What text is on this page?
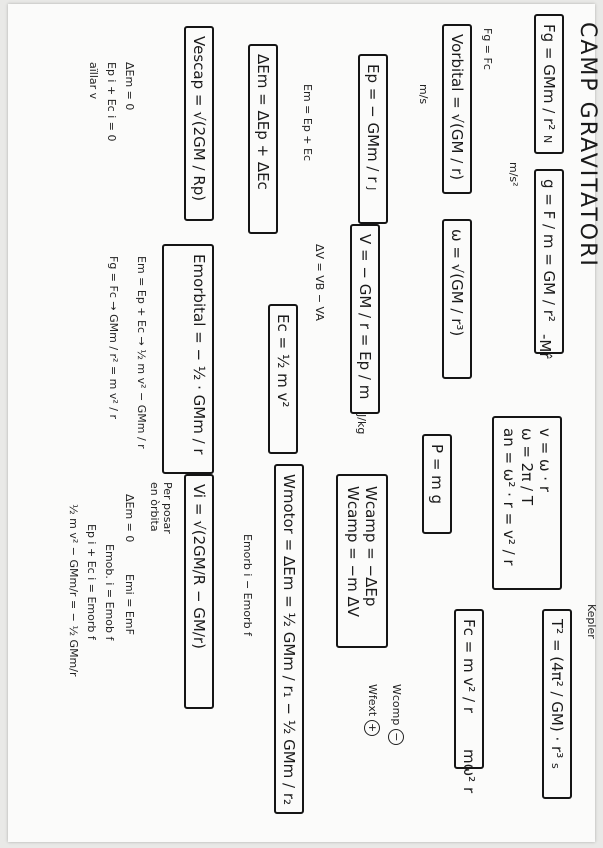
CAMP GRAVITATORI
Fg = GMm / r² N
g = F / m = GM / r²
m/s²
-Mr̂
P = m g	v = ω · r
ω = 2π / T
an = ω² · r = v² / r
Kepler
T² = (4π² / GM) · r³ s
Fc = m v² / r
mω² r
Fg = Fc
Vorbital = √(GM / r)
m/s
ω = √(GM / r³)
Ep = − GMm / r J
V = − GM / r = Ep / m
J/kg
ΔV = VB − VA
Ec = ½ m v²
Wcamp = −ΔEp
Wcamp = −m ΔV
Wcomp −
Wfext +
Em = Ep + Ec
ΔEm = ΔEp + ΔEc
Emorbital = − ½ · GMm / r
Em = Ep + Ec → ½ m v² − GMm / r
Fg = Fc → GMm / r² = m v² / r
Wmotor = ΔEm = ½ GMm / r₁ − ½ GMm / r₂
Emorb i − Emorb f
Vescap = √(2GM / Rp)
ΔEm = 0
Ep i + Ec i = 0
aïllar v
Per posar
en òrbita	Vi = √(2GM/R − GM/r)
ΔEm = 0
Emi = EmF
Emob. i = Emob f
Ep i + Ec i = Emorb f
½ m v² − GMm/r = − ½ GMm/r
